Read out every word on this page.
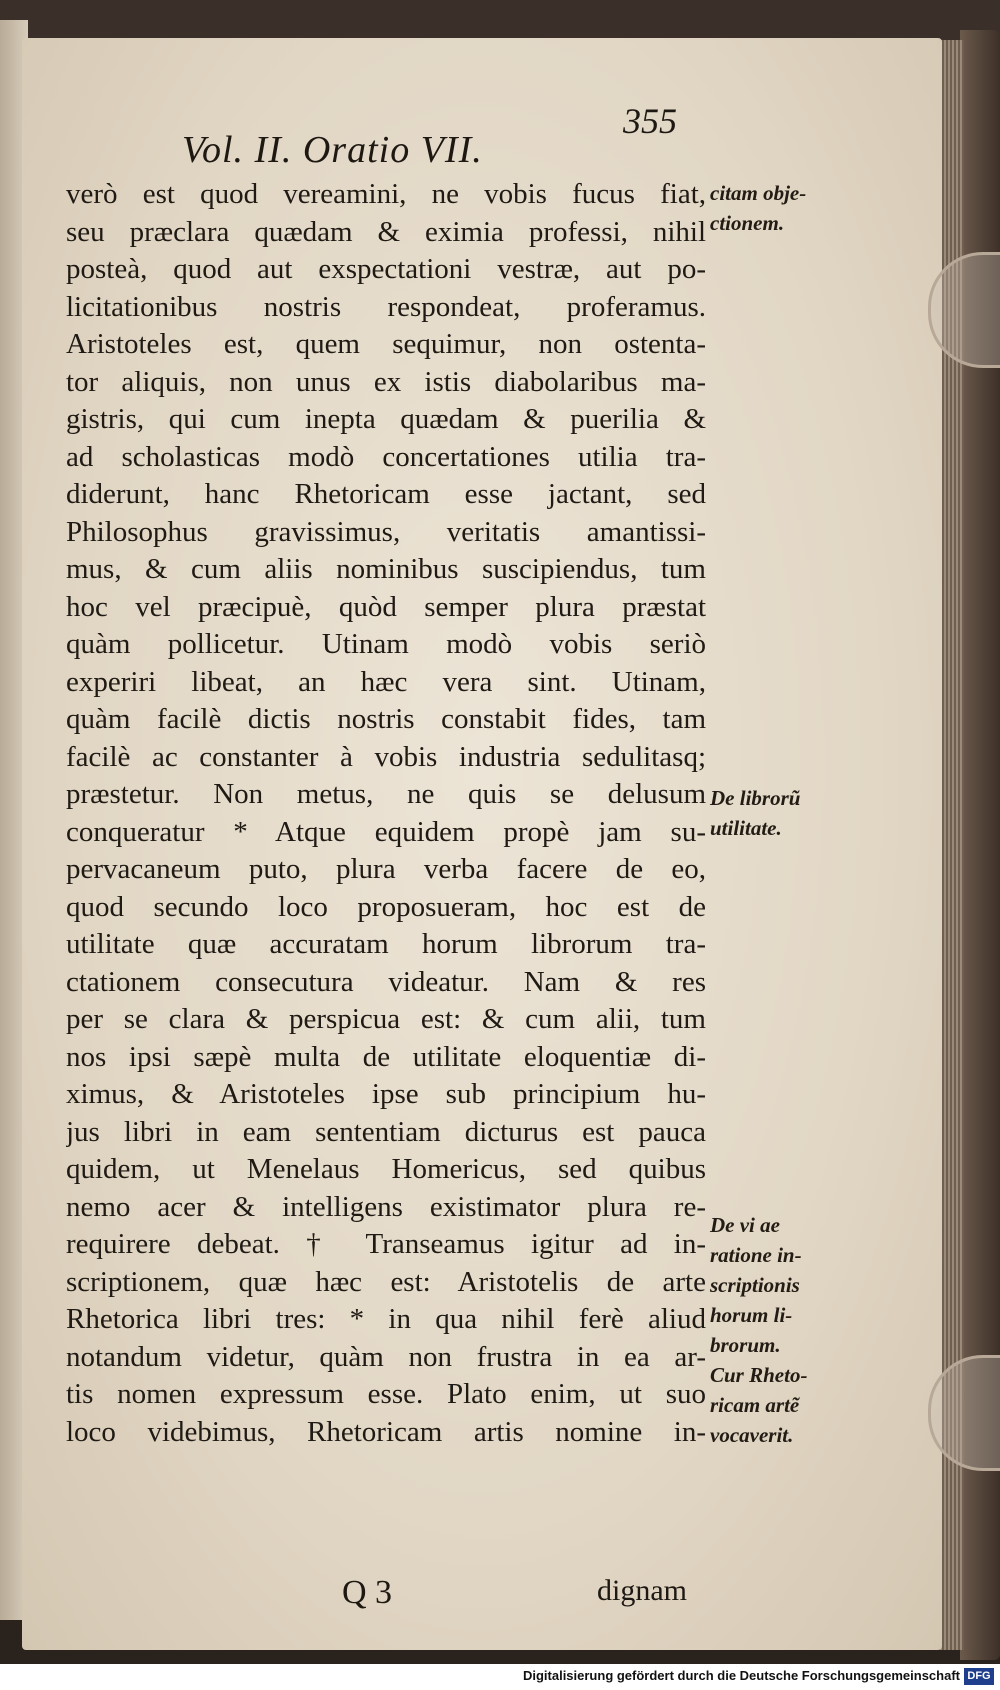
Vol. II. Oratio VII.
verò est quod vereamini, ne vobis fucus fiat,
seu præclara quædam & eximia professi, nihil
posteà, quod aut exspectationi vestræ, aut po-
licitationibus nostris respondeat, proferamus.
Aristoteles est, quem sequimur, non ostenta-
tor aliquis, non unus ex istis diabolaribus ma-
gistris, qui cum inepta quædam & puerilia &
ad scholasticas modò concertationes utilia tra-
diderunt, hanc Rhetoricam esse jactant, sed
Philosophus gravissimus, veritatis amantissi-
mus, & cum aliis nominibus suscipiendus, tum
hoc vel præcipuè, quòd semper plura præstat
quàm pollicetur. Utinam modò vobis seriò
experiri libeat, an hæc vera sint. Utinam,
quàm facilè dictis nostris constabit fides, tam
facilè ac constanter à vobis industria sedulitasq;
præstetur. Non metus, ne quis se delusum
conqueratur * Atque equidem propè jam su-
pervacaneum puto, plura verba facere de eo,
quod secundo loco proposueram, hoc est de
utilitate quæ accuratam horum librorum tra-
ctationem consecutura videatur. Nam & res
per se clara & perspicua est: & cum alii, tum
nos ipsi sæpè multa de utilitate eloquentiæ di-
ximus, & Aristoteles ipse sub principium hu-
jus libri in eam sententiam dicturus est pauca
quidem, ut Menelaus Homericus, sed quibus
nemo acer & intelligens existimator plura re-
requirere debeat. † Transeamus igitur ad in-
scriptionem, quæ hæc est: Aristotelis de arte
Rhetorica libri tres: * in qua nihil ferè aliud
notandum videtur, quàm non frustra in ea ar-
tis nomen expressum esse. Plato enim, ut suo
loco videbimus, Rhetoricam artis nomine in-
citam obje-
ctionem.
De librorũ
utilitate.
De vi ae
ratione in-
scriptionis
horum li-
brorum.
Cur Rheto-
ricam artẽ
vocaverit.
Q 3	dignam
355
Digitalisierung gefördert durch die Deutsche Forschungsgemeinschaft DFG
